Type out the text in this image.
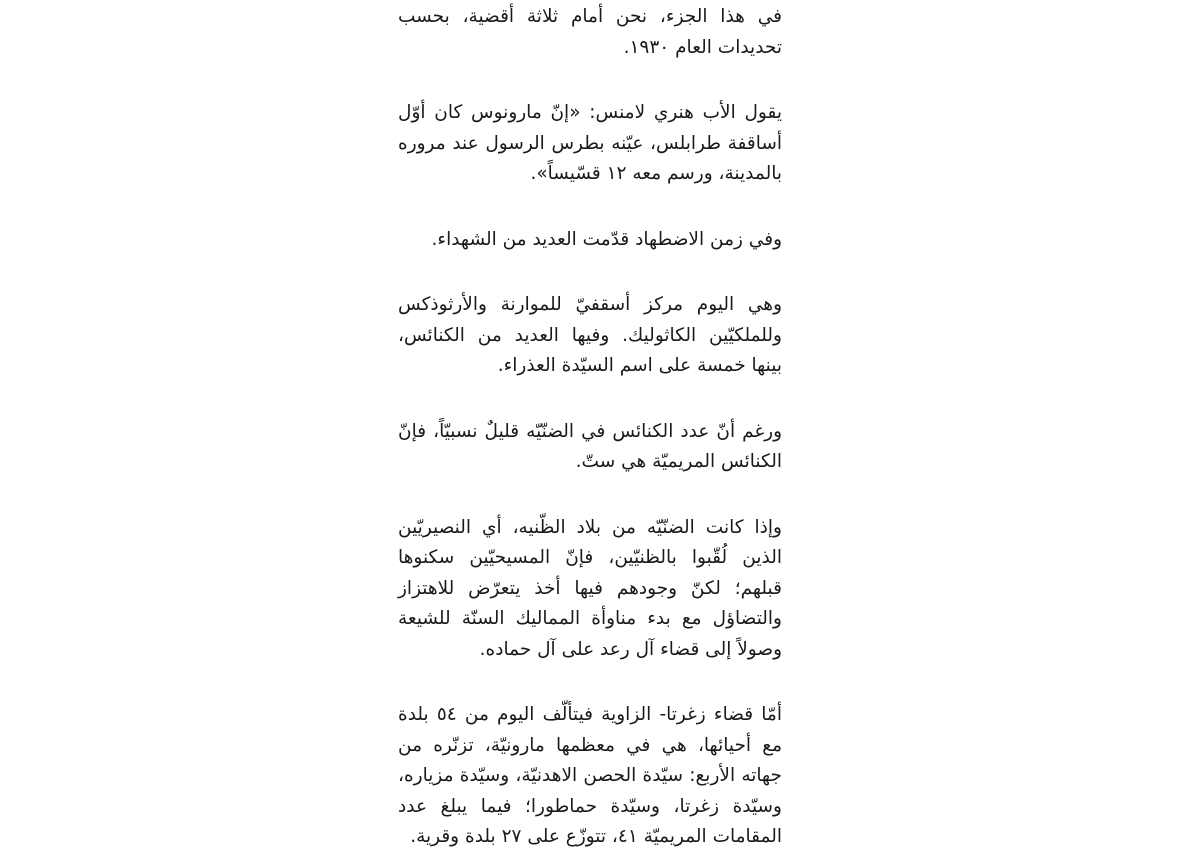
في هذا الجزء، نحن أمام ثلاثة أقضية، بحسب تحديدات العام ١٩٣٠.

يقول الأب هنري لامنس: «إنّ مارونوس كان أوّل أساقفة طرابلس، عيّنه بطرس الرسول عند مروره بالمدينة، ورسم معه ١٢ قسّيساً».

وفي زمن الاضطهاد قدّمت العديد من الشهداء.

وهي اليوم مركز أسقفيّ للموارنة والأرثوذكس وللملكيّين الكاثوليك. وفيها العديد من الكنائس، بينها خمسة على اسم السيّدة العذراء.

ورغم أنّ عدد الكنائس في الضنّيّه قليلٌ نسبيّاً، فإنّ الكنائس المريميّة هي ستّ.

وإذا كانت الضنّيّه من بلاد الظّنيه، أي النصيريّين الذين لُقّبوا بالظنيّين، فإنّ المسيحيّين سكنوها قبلهم؛ لكنّ وجودهم فيها أخذ يتعرّض للاهتزاز والتضاؤل مع بدء مناوأة المماليك السنّة للشيعة وصولاً إلى قضاء آل رعد على آل حماده.

أمّا قضاء زغرتا- الزاوية فيتألّف اليوم من ٥٤ بلدة مع أحيائها، هي في معظمها مارونيّة، تزنّره من جهاته الأربع: سيّدة الحصن الاهدنيّة، وسيّدة مزياره، وسيّدة زغرتا، وسيّدة حماطورا؛ فيما يبلغ عدد المقامات المريميّة ٤١، تتوزّع على ٢٧ بلدة وقرية.
